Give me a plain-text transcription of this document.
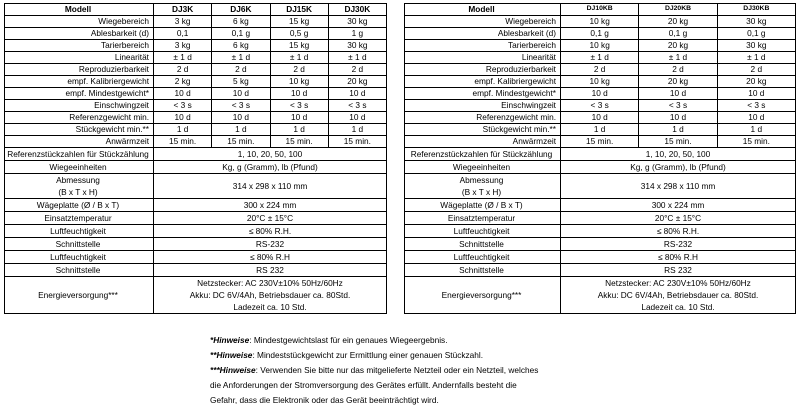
Modell	DJ3K	DJ6K	DJ15K	DJ30K
Wiegebereich	3 kg	6 kg	15 kg	30 kg
Ablesbarkeit (d)	0,1	0,1 g	0,5 g	1 g
Tarierbereich	3 kg	6 kg	15 kg	30 kg
Linearität	± 1 d	± 1 d	± 1 d	± 1 d
Reproduzierbarkeit	2 d	2 d	2 d	2 d
empf. Kalibriergewicht	2 kg	5 kg	10 kg	20 kg
empf. Mindestgewicht*	10 d	10 d	10 d	10 d
Einschwingzeit	< 3 s	< 3 s	< 3 s	< 3 s
Referenzgewicht min.	10 d	10 d	10 d	10 d
Stückgewicht min.**	1 d	1 d	1 d	1 d
Anwärmzeit	15 min.	15 min.	15 min.	15 min.
Referenzstückzahlen für Stückzählung	1, 10, 20, 50, 100			
Wiegeeinheiten	Kg, g (Gramm), lb (Pfund)			
Abmessung
(B x T x H)	314 x 298 x 110 mm			
Wägeplatte (Ø / B x T)	300 x 224 mm			
Einsatztemperatur	20°C ± 15°C			
Luftfeuchtigkeit	≤ 80% R.H.			
Schnittstelle	RS-232			
Luftfeuchtigkeit	≤ 80% R.H			
Schnittstelle	RS 232			
Energieversorgung***	Netzstecker: AC 230V±10% 50Hz/60Hz
Akku: DC 6V/4Ah, Betriebsdauer ca. 80Std.
Ladezeit ca. 10 Std.			
Modell	DJ10KB	DJ20KB	DJ30KB
Wiegebereich	10 kg	20 kg	30 kg
Ablesbarkeit (d)	0,1 g	0,1 g	0,1 g
Tarierbereich	10 kg	20 kg	30 kg
Linearität	± 1 d	± 1 d	± 1 d
Reproduzierbarkeit	2 d	2 d	2 d
empf. Kalibriergewicht	10 kg	20 kg	20 kg
empf. Mindestgewicht*	10 d	10 d	10 d
Einschwingzeit	< 3 s	< 3 s	< 3 s
Referenzgewicht min.	10 d	10 d	10 d
Stückgewicht min.**	1 d	1 d	1 d
Anwärmzeit	15 min.	15 min.	15 min.
Referenzstückzahlen für Stückzählung	1, 10, 20, 50, 100		
Wiegeeinheiten	Kg, g (Gramm), lb (Pfund)		
Abmessung
(B x T x H)	314 x 298 x 110 mm		
Wägeplatte (Ø / B x T)	300 x 224 mm		
Einsatztemperatur	20°C ± 15°C		
Luftfeuchtigkeit	≤ 80% R.H.		
Schnittstelle	RS-232		
Luftfeuchtigkeit	≤ 80% R.H		
Schnittstelle	RS 232		
Energieversorgung***	Netzstecker: AC 230V±10% 50Hz/60Hz
Akku: DC 6V/4Ah, Betriebsdauer ca. 80Std.
Ladezeit ca. 10 Std.		

*Hinweise: Mindestgewichtslast für ein genaues Wiegeergebnis.

**Hinweise: Mindeststückgewicht zur Ermittlung einer genauen Stückzahl.

***Hinweise: Verwenden Sie bitte nur das mitgelieferte Netzteil oder ein Netzteil, welches

die Anforderungen der Stromversorgung des Gerätes erfüllt. Andernfalls besteht die

Gefahr, dass die Elektronik oder das Gerät beeinträchtigt wird.
